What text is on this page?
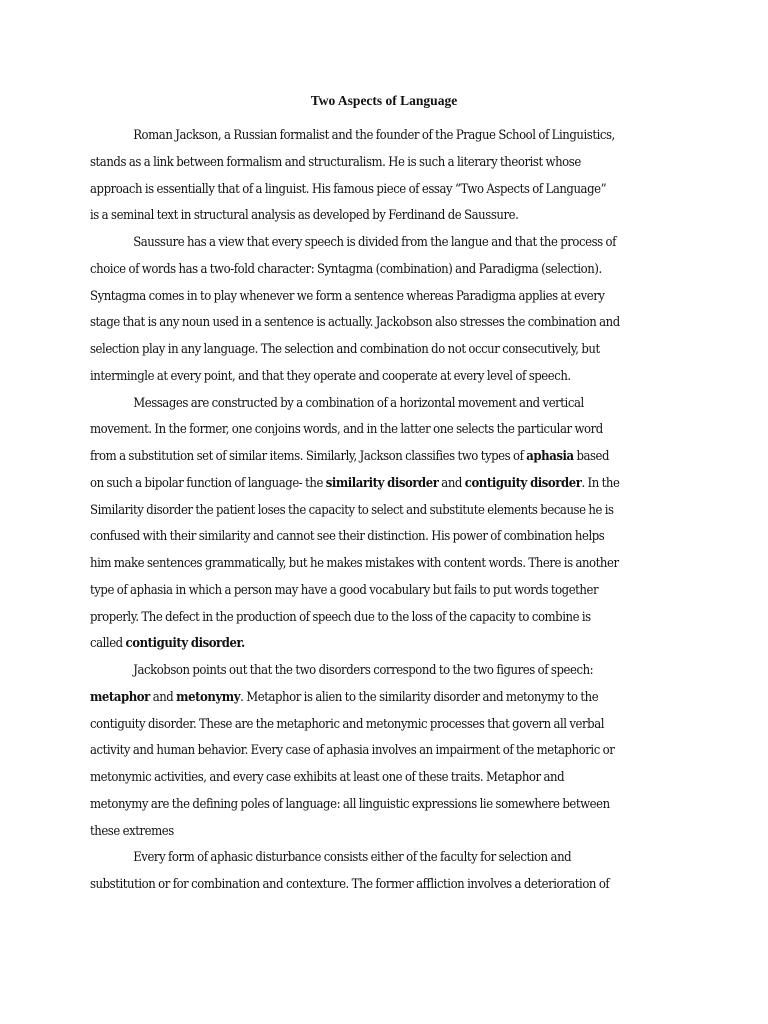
Two Aspects of Language
Roman Jackson, a Russian formalist and the founder of the Prague School of Linguistics,
stands as a link between formalism and structuralism. He is such a literary theorist whose
approach is essentially that of a linguist. His famous piece of essay “Two Aspects of Language”
is a seminal text in structural analysis as developed by Ferdinand de Saussure.
Saussure has a view that every speech is divided from the langue and that the process of
choice of words has a two-fold character: Syntagma (combination) and Paradigma (selection).
Syntagma comes in to play whenever we form a sentence whereas Paradigma applies at every
stage that is any noun used in a sentence is actually. Jackobson also stresses the combination and
selection play in any language. The selection and combination do not occur consecutively, but
intermingle at every point, and that they operate and cooperate at every level of speech.
Messages are constructed by a combination of a horizontal movement and vertical
movement. In the former, one conjoins words, and in the latter one selects the particular word
from a substitution set of similar items. Similarly, Jackson classifies two types of aphasia based
on such a bipolar function of language- the similarity disorder and contiguity disorder. In the
Similarity disorder the patient loses the capacity to select and substitute elements because he is
confused with their similarity and cannot see their distinction. His power of combination helps
him make sentences grammatically, but he makes mistakes with content words. There is another
type of aphasia in which a person may have a good vocabulary but fails to put words together
properly. The defect in the production of speech due to the loss of the capacity to combine is
called contiguity disorder.
Jackobson points out that the two disorders correspond to the two figures of speech:
metaphor and metonymy. Metaphor is alien to the similarity disorder and metonymy to the
contiguity disorder. These are the metaphoric and metonymic processes that govern all verbal
activity and human behavior. Every case of aphasia involves an impairment of the metaphoric or
metonymic activities, and every case exhibits at least one of these traits. Metaphor and
metonymy are the defining poles of language: all linguistic expressions lie somewhere between
these extremes
Every form of aphasic disturbance consists either of the faculty for selection and
substitution or for combination and contexture. The former affliction involves a deterioration of
